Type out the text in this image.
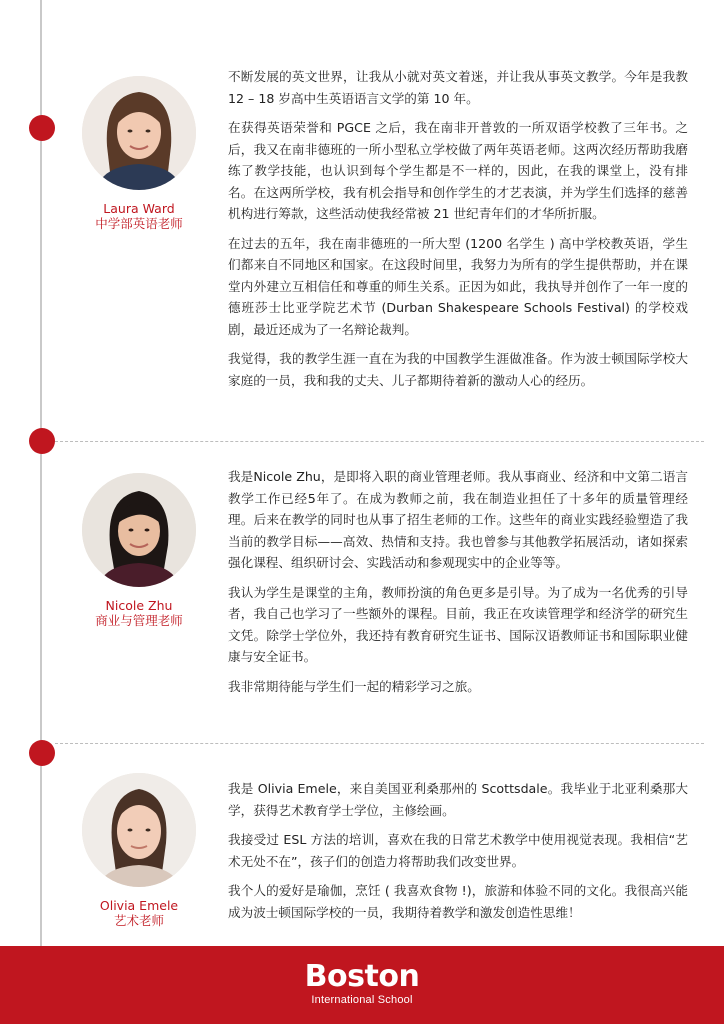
Laura Ward
中学部英语老师

不断发展的英文世界，让我从小就对英文着迷，并让我从事英文教学。今年是我教 12 – 18 岁高中生英语语言文学的第 10 年。

在获得英语荣誉和 PGCE 之后，我在南非开普敦的一所双语学校教了三年书。之后，我又在南非德班的一所小型私立学校做了两年英语老师。这两次经历帮助我磨练了教学技能，也认识到每个学生都是不一样的，因此，在我的课堂上，没有排名。在这两所学校，我有机会指导和创作学生的才艺表演，并为学生们选择的慈善机构进行筹款，这些活动使我经常被 21 世纪青年们的才华所折服。

在过去的五年，我在南非德班的一所大型 (1200 名学生 ) 高中学校教英语，学生们都来自不同地区和国家。在这段时间里，我努力为所有的学生提供帮助，并在课堂内外建立互相信任和尊重的师生关系。正因为如此，我执导并创作了一年一度的德班莎士比亚学院艺术节 (Durban Shakespeare Schools Festival) 的学校戏剧，最近还成为了一名辩论裁判。

我觉得，我的教学生涯一直在为我的中国教学生涯做准备。作为波士顿国际学校大家庭的一员，我和我的丈夫、儿子都期待着新的激动人心的经历。

Nicole Zhu
商业与管理老师

我是Nicole Zhu，是即将入职的商业管理老师。我从事商业、经济和中文第二语言教学工作已经5年了。在成为教师之前，我在制造业担任了十多年的质量管理经理。后来在教学的同时也从事了招生老师的工作。这些年的商业实践经验塑造了我当前的教学目标——高效、热情和支持。我也曾参与其他教学拓展活动，诸如探索强化课程、组织研讨会、实践活动和参观现实中的企业等等。

我认为学生是课堂的主角，教师扮演的角色更多是引导。为了成为一名优秀的引导者，我自己也学习了一些额外的课程。目前，我正在攻读管理学和经济学的研究生文凭。除学士学位外，我还持有教育研究生证书、国际汉语教师证书和国际职业健康与安全证书。

我非常期待能与学生们一起的精彩学习之旅。

Olivia Emele
艺术老师

我是 Olivia Emele，来自美国亚利桑那州的 Scottsdale。我毕业于北亚利桑那大学，获得艺术教育学士学位，主修绘画。

我接受过 ESL 方法的培训，喜欢在我的日常艺术教学中使用视觉表现。我相信“艺术无处不在”，孩子们的创造力将帮助我们改变世界。

我个人的爱好是瑜伽，烹饪 ( 我喜欢食物 !)，旅游和体验不同的文化。我很高兴能成为波士顿国际学校的一员，我期待着教学和激发创造性思维！

Boston
International School
